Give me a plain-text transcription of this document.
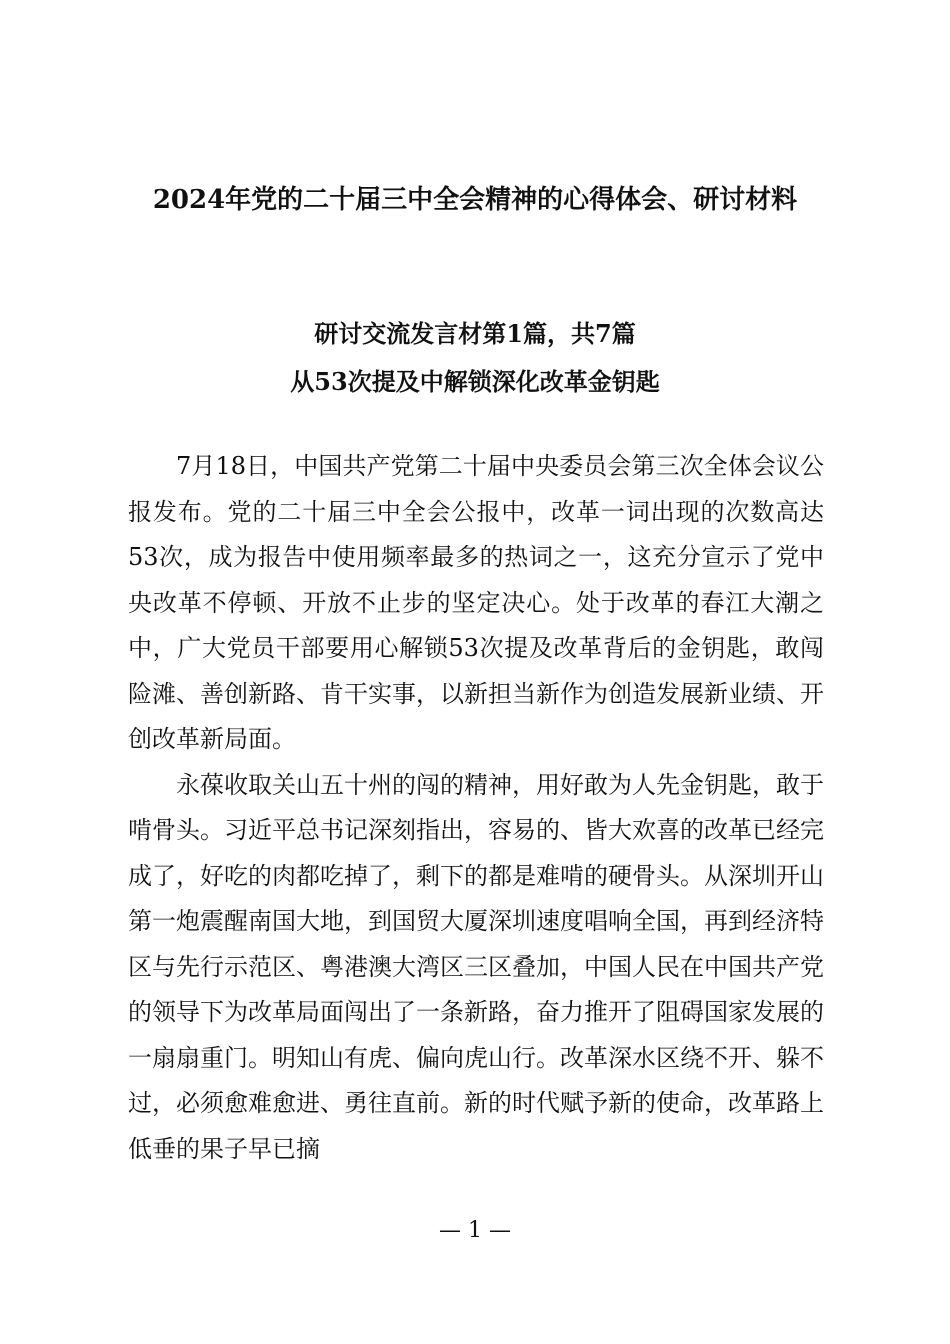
2024年党的二十届三中全会精神的心得体会、研讨材料

研讨交流发言材第1篇，共7篇

从53次提及中解锁深化改革金钥匙

7月18日，中国共产党第二十届中央委员会第三次全体会议公报发布。党的二十届三中全会公报中，改革一词出现的次数高达53次，成为报告中使用频率最多的热词之一，这充分宣示了党中央改革不停顿、开放不止步的坚定决心。处于改革的春江大潮之中，广大党员干部要用心解锁53次提及改革背后的金钥匙，敢闯险滩、善创新路、肯干实事，以新担当新作为创造发展新业绩、开创改革新局面。

永葆收取关山五十州的闯的精神，用好敢为人先金钥匙，敢于啃骨头。习近平总书记深刻指出，容易的、皆大欢喜的改革已经完成了，好吃的肉都吃掉了，剩下的都是难啃的硬骨头。从深圳开山第一炮震醒南国大地，到国贸大厦深圳速度唱响全国，再到经济特区与先行示范区、粤港澳大湾区三区叠加，中国人民在中国共产党的领导下为改革局面闯出了一条新路，奋力推开了阻碍国家发展的一扇扇重门。明知山有虎、偏向虎山行。改革深水区绕不开、躲不过，必须愈难愈进、勇往直前。新的时代赋予新的使命，改革路上低垂的果子早已摘

— 1 —
